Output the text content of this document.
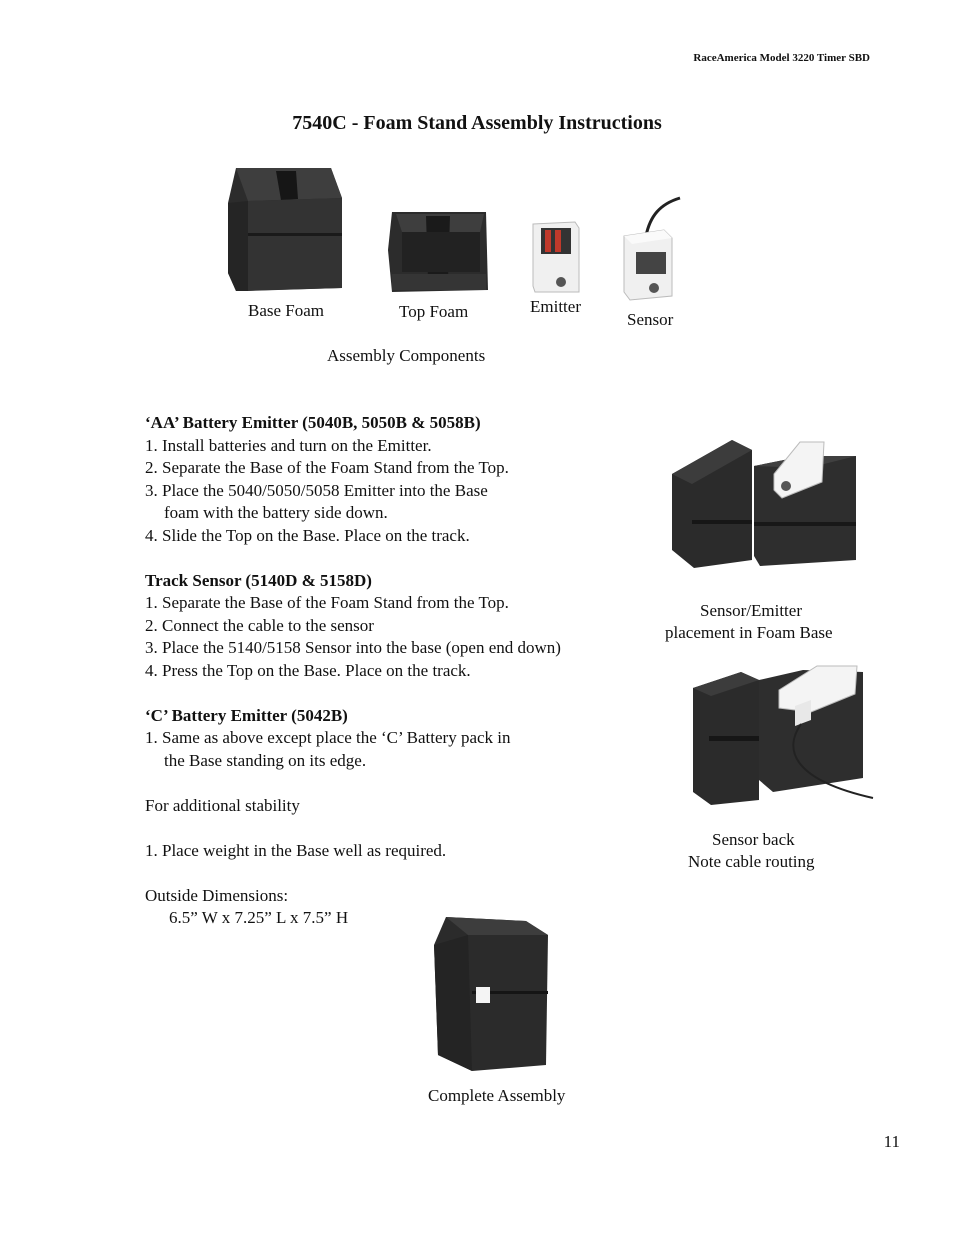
RaceAmerica Model 3220 Timer SBD
7540C - Foam Stand Assembly Instructions
Base Foam	Top Foam	Emitter
Sensor
Assembly Components
‘AA’ Battery Emitter (5040B, 5050B & 5058B)
1. Install batteries and turn on the Emitter.
2. Separate the Base of the Foam Stand from the Top.
3. Place the 5040/5050/5058 Emitter into the Base
foam with the battery side down.
4. Slide the Top on the Base. Place on the track.
Track Sensor (5140D & 5158D)
1. Separate the Base of the Foam Stand from the Top.
2. Connect the cable to the sensor
3. Place the 5140/5158 Sensor into the base (open end down)
4. Press the Top on the Base. Place on the track.
‘C’ Battery Emitter (5042B)
1. Same as above except place the ‘C’ Battery pack in
the Base standing on its edge.
For additional stability
1. Place weight in the Base well as required.
Outside Dimensions:
6.5” W x 7.25” L x 7.5” H
Sensor/Emitter
placement in Foam Base
Sensor back
Note cable routing
Complete Assembly
11
